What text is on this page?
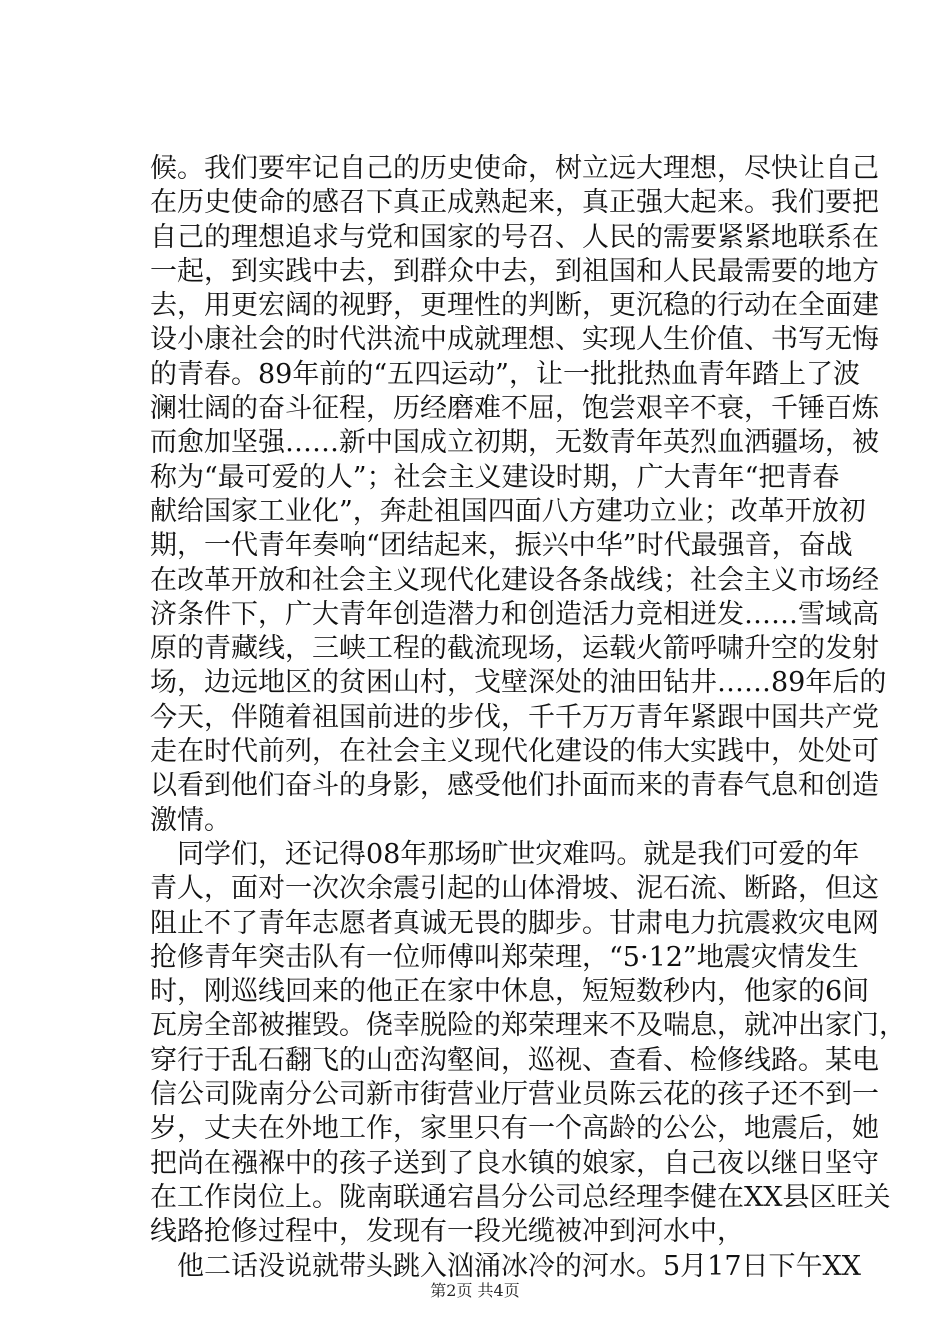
候。我们要牢记自己的历史使命，树立远大理想，尽快让自己
在历史使命的感召下真正成熟起来，真正强大起来。我们要把
自己的理想追求与党和国家的号召、人民的需要紧紧地联系在
一起，到实践中去，到群众中去，到祖国和人民最需要的地方
去，用更宏阔的视野，更理性的判断，更沉稳的行动在全面建
设小康社会的时代洪流中成就理想、实现人生价值、书写无悔
的青春。89年前的“五四运动”，让一批批热血青年踏上了波
澜壮阔的奋斗征程，历经磨难不屈，饱尝艰辛不衰，千锤百炼
而愈加坚强……新中国成立初期，无数青年英烈血洒疆场，被
称为“最可爱的人”；社会主义建设时期，广大青年“把青春
献给国家工业化”，奔赴祖国四面八方建功立业；改革开放初
期，一代青年奏响“团结起来，振兴中华”时代最强音，奋战
在改革开放和社会主义现代化建设各条战线；社会主义市场经
济条件下，广大青年创造潜力和创造活力竞相迸发……雪域高
原的青藏线，三峡工程的截流现场，运载火箭呼啸升空的发射
场，边远地区的贫困山村，戈壁深处的油田钻井……89年后的
今天，伴随着祖国前进的步伐，千千万万青年紧跟中国共产党
走在时代前列，在社会主义现代化建设的伟大实践中，处处可
以看到他们奋斗的身影，感受他们扑面而来的青春气息和创造
激情。
同学们，还记得08年那场旷世灾难吗。就是我们可爱的年
青人，面对一次次余震引起的山体滑坡、泥石流、断路，但这
阻止不了青年志愿者真诚无畏的脚步。甘肃电力抗震救灾电网
抢修青年突击队有一位师傅叫郑荣理，“5·12”地震灾情发生
时，刚巡线回来的他正在家中休息，短短数秒内，他家的6间
瓦房全部被摧毁。侥幸脱险的郑荣理来不及喘息，就冲出家门，
穿行于乱石翻飞的山峦沟壑间，巡视、查看、检修线路。某电
信公司陇南分公司新市街营业厅营业员陈云花的孩子还不到一
岁，丈夫在外地工作，家里只有一个高龄的公公，地震后，她
把尚在襁褓中的孩子送到了良水镇的娘家，自己夜以继日坚守
在工作岗位上。陇南联通宕昌分公司总经理李健在XX县区旺关
线路抢修过程中，发现有一段光缆被冲到河水中，
他二话没说就带头跳入汹涌冰冷的河水。5月17日下午XX
第2页 共4页
